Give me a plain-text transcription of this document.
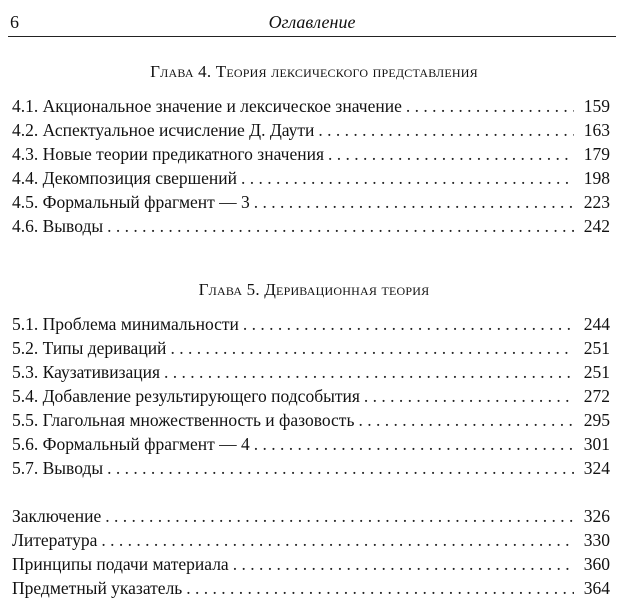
6	Оглавление
Глава 4. Теория лексического представления
4.1. Акциональное значение и лексическое значение . . .	159
4.2. Аспектуальное исчисление Д. Даути . . .	163
4.3. Новые теории предикатного значения . . .	179
4.4. Декомпозиция свершений . . .	198
4.5. Формальный фрагмент — 3 . . .	223
4.6. Выводы . . .	242
Глава 5. Деривационная теория
5.1. Проблема минимальности . . .	244
5.2. Типы дериваций . . .	251
5.3. Каузативизация . . .	251
5.4. Добавление результирующего подсобытия . . .	272
5.5. Глагольная множественность и фазовость . . .	295
5.6. Формальный фрагмент — 4 . . .	301
5.7. Выводы . . .	324
Заключение . . .	326
Литература . . .	330
Принципы подачи материала . . .	360
Предметный указатель . . .	364
